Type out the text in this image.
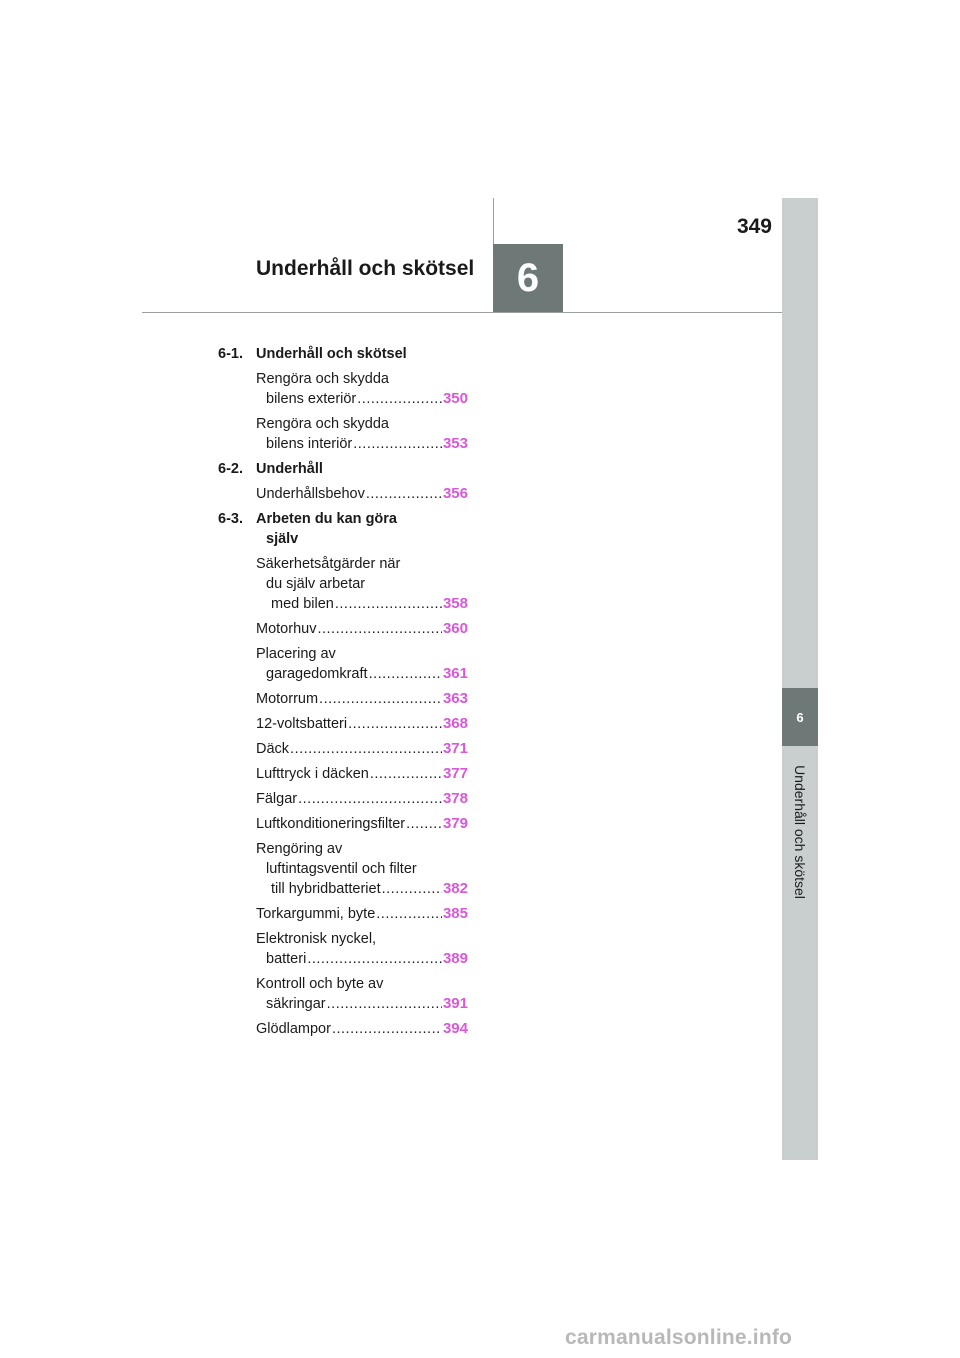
6
Underhåll och skötsel
349
Underhåll och skötsel 6
6-1. Underhåll och skötsel
Rengöra och skydda
bilens exteriör .....	350
Rengöra och skydda
bilens interiör .....	353
6-2. Underhåll
Underhållsbehov .....	356
6-3. Arbeten du kan göra
själv
Säkerhetsåtgärder när
du själv arbetar
med bilen .....	358
Motorhuv .....	360
Placering av
garagedomkraft .....	361
Motorrum .....	363
12-voltsbatteri .....	368
Däck .....	371
Lufttryck i däcken .....	377
Fälgar .....	378
Luftkonditioneringsfilter .....	379
Rengöring av
luftintagsventil och filter
till hybridbatteriet .....	382
Torkargummi, byte .....	385
Elektronisk nyckel,
batteri .....	389
Kontroll och byte av
säkringar .....	391
Glödlampor .....	394
carmanualsonline.info
